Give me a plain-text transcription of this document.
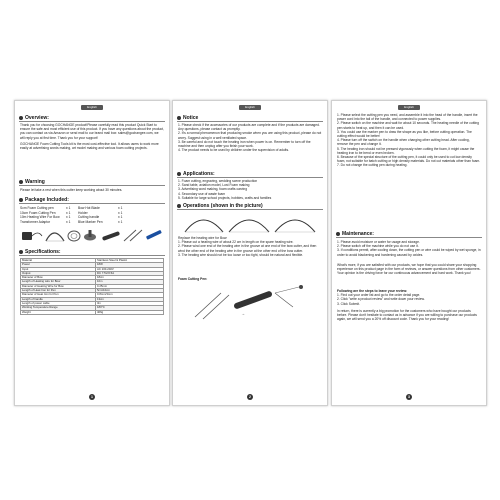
English
Overview:

Thank you for choosing GOCHANGE product!Please carefully read this product Quick Start to ensure the safe and most efficient use of this product. If you have any questions about the product, you can contact us via Amazon or send mail to our brand mail box: sales@gochangee.com, we will reply you at first time. Thank you for your support!

GOCHANGE Foam Cutting Tools kit is the most cost-effective tool. It allows users to work more easily at advertising words making, art model making and various foam cutting projects.

Warning
Please let take a rest when this cutter keep working about 30 minutes.
Package Included:
Scm Foam Cutting pen	x 1	Bow Hot Blade	x 1
10cm Foam Cutting Pen	x 1	Holder	x 1
10m Heating Wire For Bow	x 1	Cutting handle	x 1
Transformer Adaptor	x 1	Blue Marker Pen	x 1
Specifications:
Material	Stainless Steel & Plastic
Power	18W
Input	AC 100-240V
Output	DC 7.5V/2.5A
Diameter of Bow	18cm
Length of Heating wire for Bow	10m
Diameter of Heating Wire for Bow	0.25mm
Length of Heat Iron for Pen	5cm/10cm
Diameter of Heat Iron for Pen	0.8mm/3mm
Length of handle	13cm
Length of power cable	3m
Working Temperature Range	180°C
Weight	406g
1
English
Notice

1. Please check if the accessories of our products are complete and if the products are damaged. Any questions, please contact us promptly.

2. It's a normal phenomenon that producing smoke when you are using this product, please do not worry. Suggest using in a well ventilated space.

3. Be careful and do not touch the heating iron when power is on. Remember to turn off the machine and then unplug after you finish your work.

4. The product needs to be used by children under the supervision of adults.

Applications:

1. Foam cutting, engraving, wedding scene production

2. Sand table, aviation model, Lost Foam making

3. Advertising word making, foam crafts carving

4. Secondary use of waste foam

5. Suitable for large school projects, hobbies, crafts and families

Operations (shown in the picture)

Replace the heating wire for Bow:

1. Please cut a heating wire of about 22 cm in length on the spare heating wire.

2. Please wind one end of the heating wire in the groove at one end of the bow cutter, and then wind the other end of the heating wire in the groove at the other end of the bow cutter.

3. The heating wire should not be too loose or too tight, should be natural and flexible.

Foam Cutting Pen:
→
2
English

1. Please select the cutting pen you need, and assemble it into the head of the handle, insert the power cord into the tail of the handle, and connected to power supplies.

2. Please switch on the machine and wait for about 10 seconds. The heating needle of the cutting pen starts to heat up, and then it can be used.

3. You could use the marker pen to draw the shape as you like, before cutting operation. The cutting effect would be better!

4. Please turn off the switch on the handle when changing other cutting head. After cooling, remove the pen and change it.

5. The heating iron should not be pressed vigorously when cutting the foam, it might cause the heating iron to be bend or even broken.

6. Because of the special structure of the cutting pen, it could only be used to cut low density foam, not suitable for batch cutting or high density materials. Do not cut materials other than foam.

7. Do not change the cutting pen during heating.

Maintenance:

1. Please avoid moisture or water for usage and storage.

2. Please switch off the machine while you do not use it.

3. If conditions permit, after cooling down, the cutting pen or wire could be wiped by wet sponge, in order to avoid blackening and hardening caused by oxides.

What's more, if you are satisfied with our products, we hope that you could share your shopping experience on this product page in the form of reviews, or answer questions from other customers. Your opinion is the driving force for our continuous advancement and hard work. Thank you!

Following are the steps to leave your review:

1. Find out your order list and go to the order detail page.

2. Click "write a product review" and write down your review.

3. Click Submit.

In return, there is currently a big promotion for the customers who have bought our products before. Please don't hesitate to contact us in advance if you are willing to purchase our products again, we will send you a 20% off discount code. Thank you for your reading!
3
